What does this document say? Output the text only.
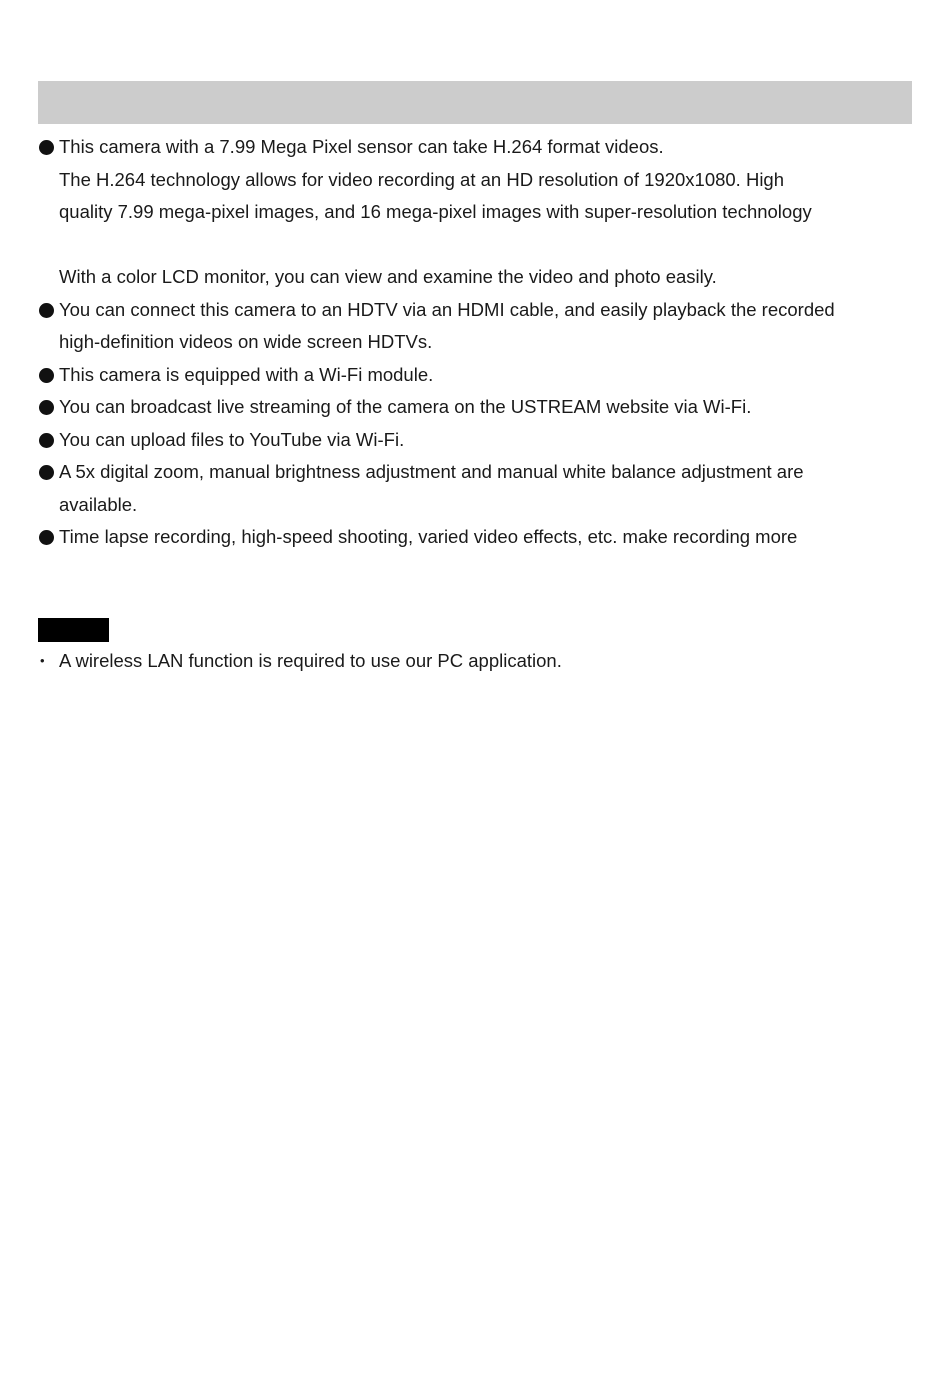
This camera with a 7.99 Mega Pixel sensor can take H.264 format videos.
The H.264 technology allows for video recording at an HD resolution of 1920x1080. High
quality 7.99 mega-pixel images, and 16 mega-pixel images with super-resolution technology
With a color LCD monitor, you can view and examine the video and photo easily.
You can connect this camera to an HDTV via an HDMI cable, and easily playback the recorded
high-definition videos on wide screen HDTVs.
This camera is equipped with a Wi-Fi module.
You can broadcast live streaming of the camera on the USTREAM website via Wi-Fi.
You can upload files to YouTube via Wi-Fi.
A 5x digital zoom, manual brightness adjustment and manual white balance adjustment are
available.
Time lapse recording, high-speed shooting, varied video effects, etc. make recording more
• A wireless LAN function is required to use our PC application.
